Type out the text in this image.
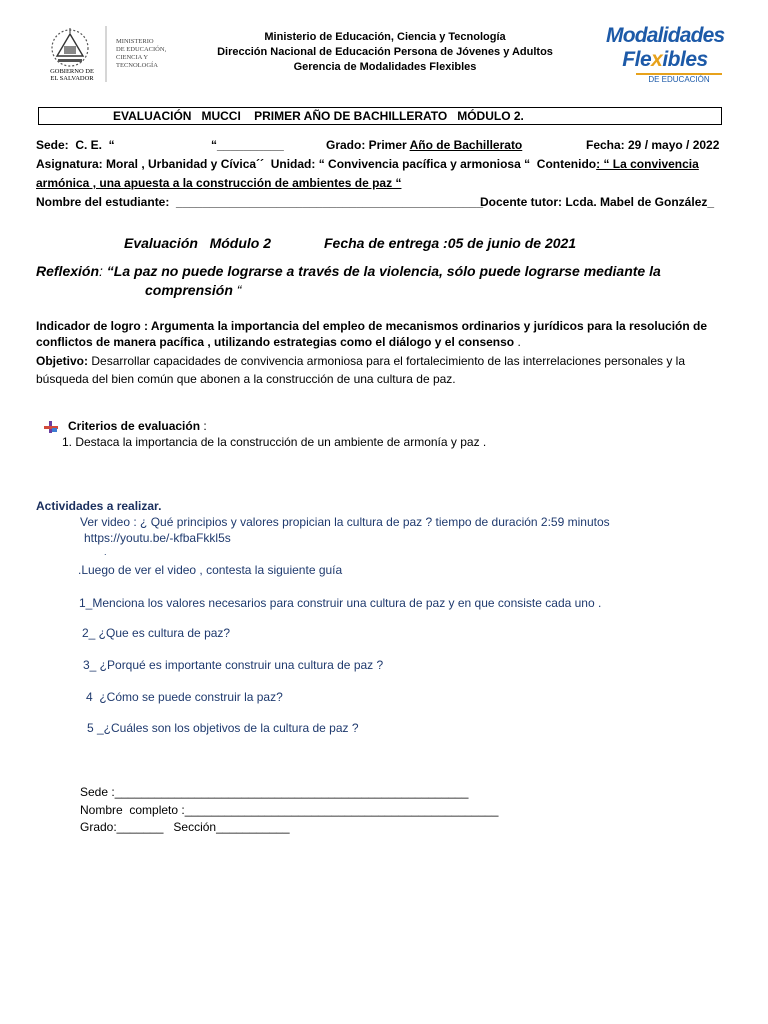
GOBIERNO DE
EL SALVADOR
MINISTERIO
DE EDUCACIÓN,
CIENCIA Y
TECNOLOGÍA
Ministerio de Educación, Ciencia y Tecnología
Dirección Nacional de Educación Persona de Jóvenes y Adultos
Gerencia de Modalidades Flexibles
Modalidades
Flexibles
DE EDUCACIÓN
EVALUACIÓN   MUCCI    PRIMER AÑO DE BACHILLERATO   MÓDULO 2.
Sede:  C. E.  “	“__________	Grado: Primer Año de Bachillerato	Fecha: 29 / mayo / 2022
Asignatura: Moral , Urbanidad y Cívica´´  Unidad: “ Convivencia pacífica y armoniosa “  Contenido: “ La convivencia
armónica , una apuesta a la construcción de ambientes de paz “
Nombre del estudiante:  ______________________________________________
Docente tutor: Lcda. Mabel de González_
Evaluación   Módulo 2	Fecha de entrega :05 de junio de 2021
Reflexión: “La paz no puede lograrse a través de la violencia, sólo puede lograrse mediante la
comprensión “
Indicador de logro : Argumenta la importancia del empleo de mecanismos ordinarios y jurídicos para la resolución de
conflictos de manera pacífica , utilizando estrategias como el diálogo y el consenso .
Objetivo: Desarrollar capacidades de convivencia armoniosa para el fortalecimiento de las interrelaciones personales y la
búsqueda del bien común que abonen a la construcción de una cultura de paz.
Criterios de evaluación :
1. Destaca la importancia de la construcción de un ambiente de armonía y paz .
Actividades a realizar.
Ver video : ¿ Qué principios y valores propician la cultura de paz ? tiempo de duración 2:59 minutos
https://youtu.be/-kfbaFkkl5s
.
.Luego de ver el video , contesta la siguiente guía
1_Menciona los valores necesarios para construir una cultura de paz y en que consiste cada uno .
2_ ¿Que es cultura de paz?
3_ ¿Porqué es importante construir una cultura de paz ?
4  ¿Cómo se puede construir la paz?
5 _¿Cuáles son los objetivos de la cultura de paz ?
Sede :_____________________________________________________
Nombre  completo :_______________________________________________
Grado:_______   Sección___________
